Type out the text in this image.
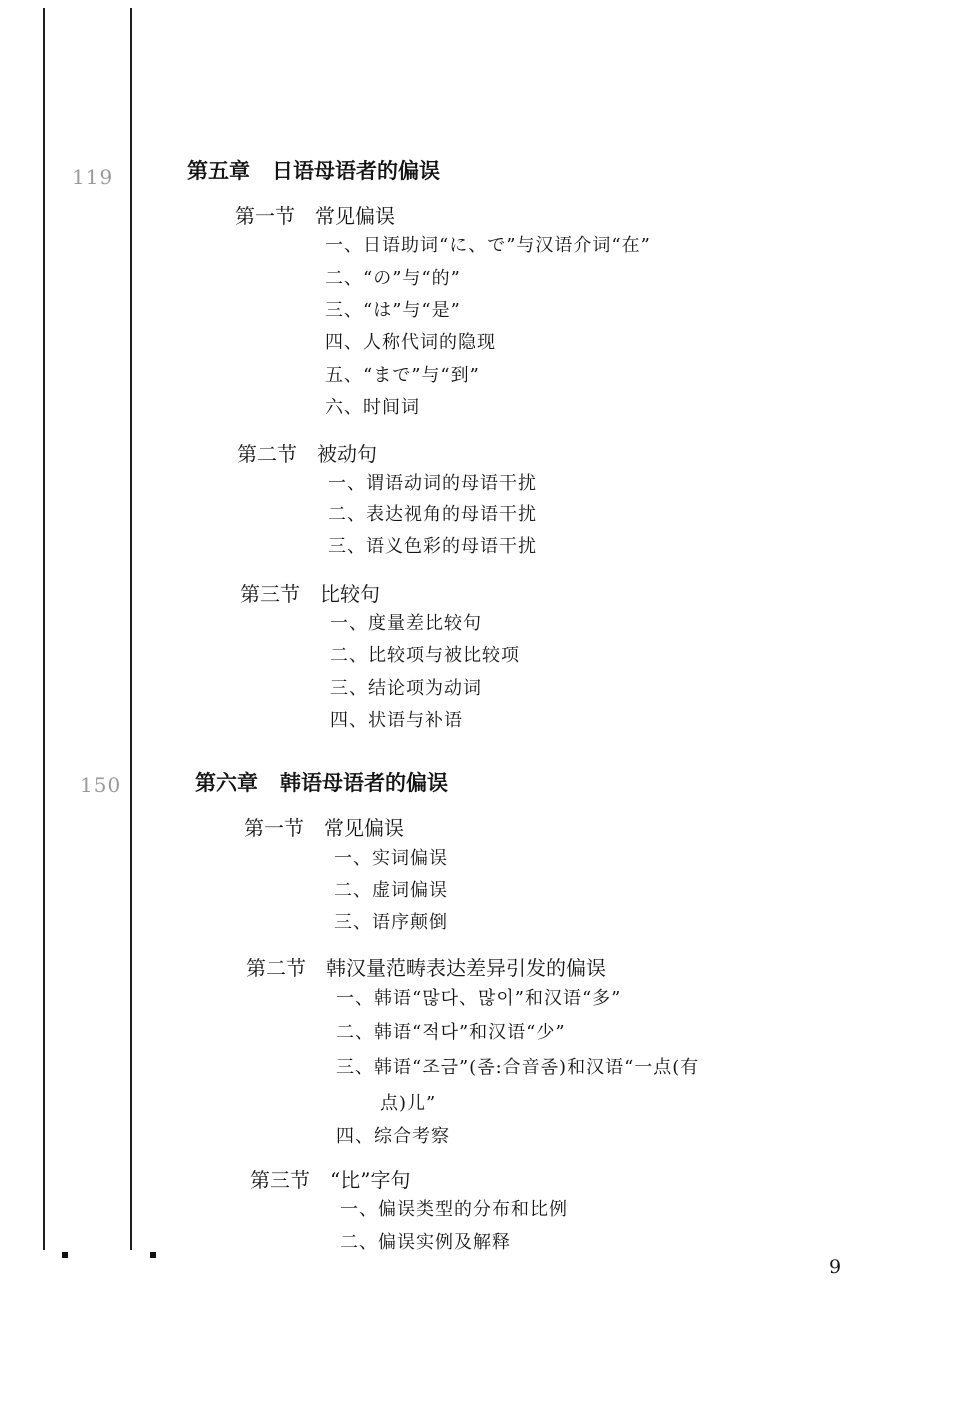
119
150
第五章 日语母语者的偏误
第一节 常见偏误
一、日语助词“に、で”与汉语介词“在”
二、“の”与“的”
三、“は”与“是”
四、人称代词的隐现
五、“まで”与“到”
六、时间词
第二节 被动句
一、谓语动词的母语干扰
二、表达视角的母语干扰
三、语义色彩的母语干扰
第三节 比较句
一、度量差比较句
二、比较项与被比较项
三、结论项为动词
四、状语与补语
第六章 韩语母语者的偏误
第一节 常见偏误
一、实词偏误
二、虚词偏误
三、语序颠倒
第二节 韩汉量范畴表达差异引发的偏误
一、韩语“많다、많이”和汉语“多”
二、韩语“적다”和汉语“少”
三、韩语“조금”(좀:合音좀)和汉语“一点(有
点)儿”
四、综合考察
第三节 “比”字句
一、偏误类型的分布和比例
二、偏误实例及解释
9
